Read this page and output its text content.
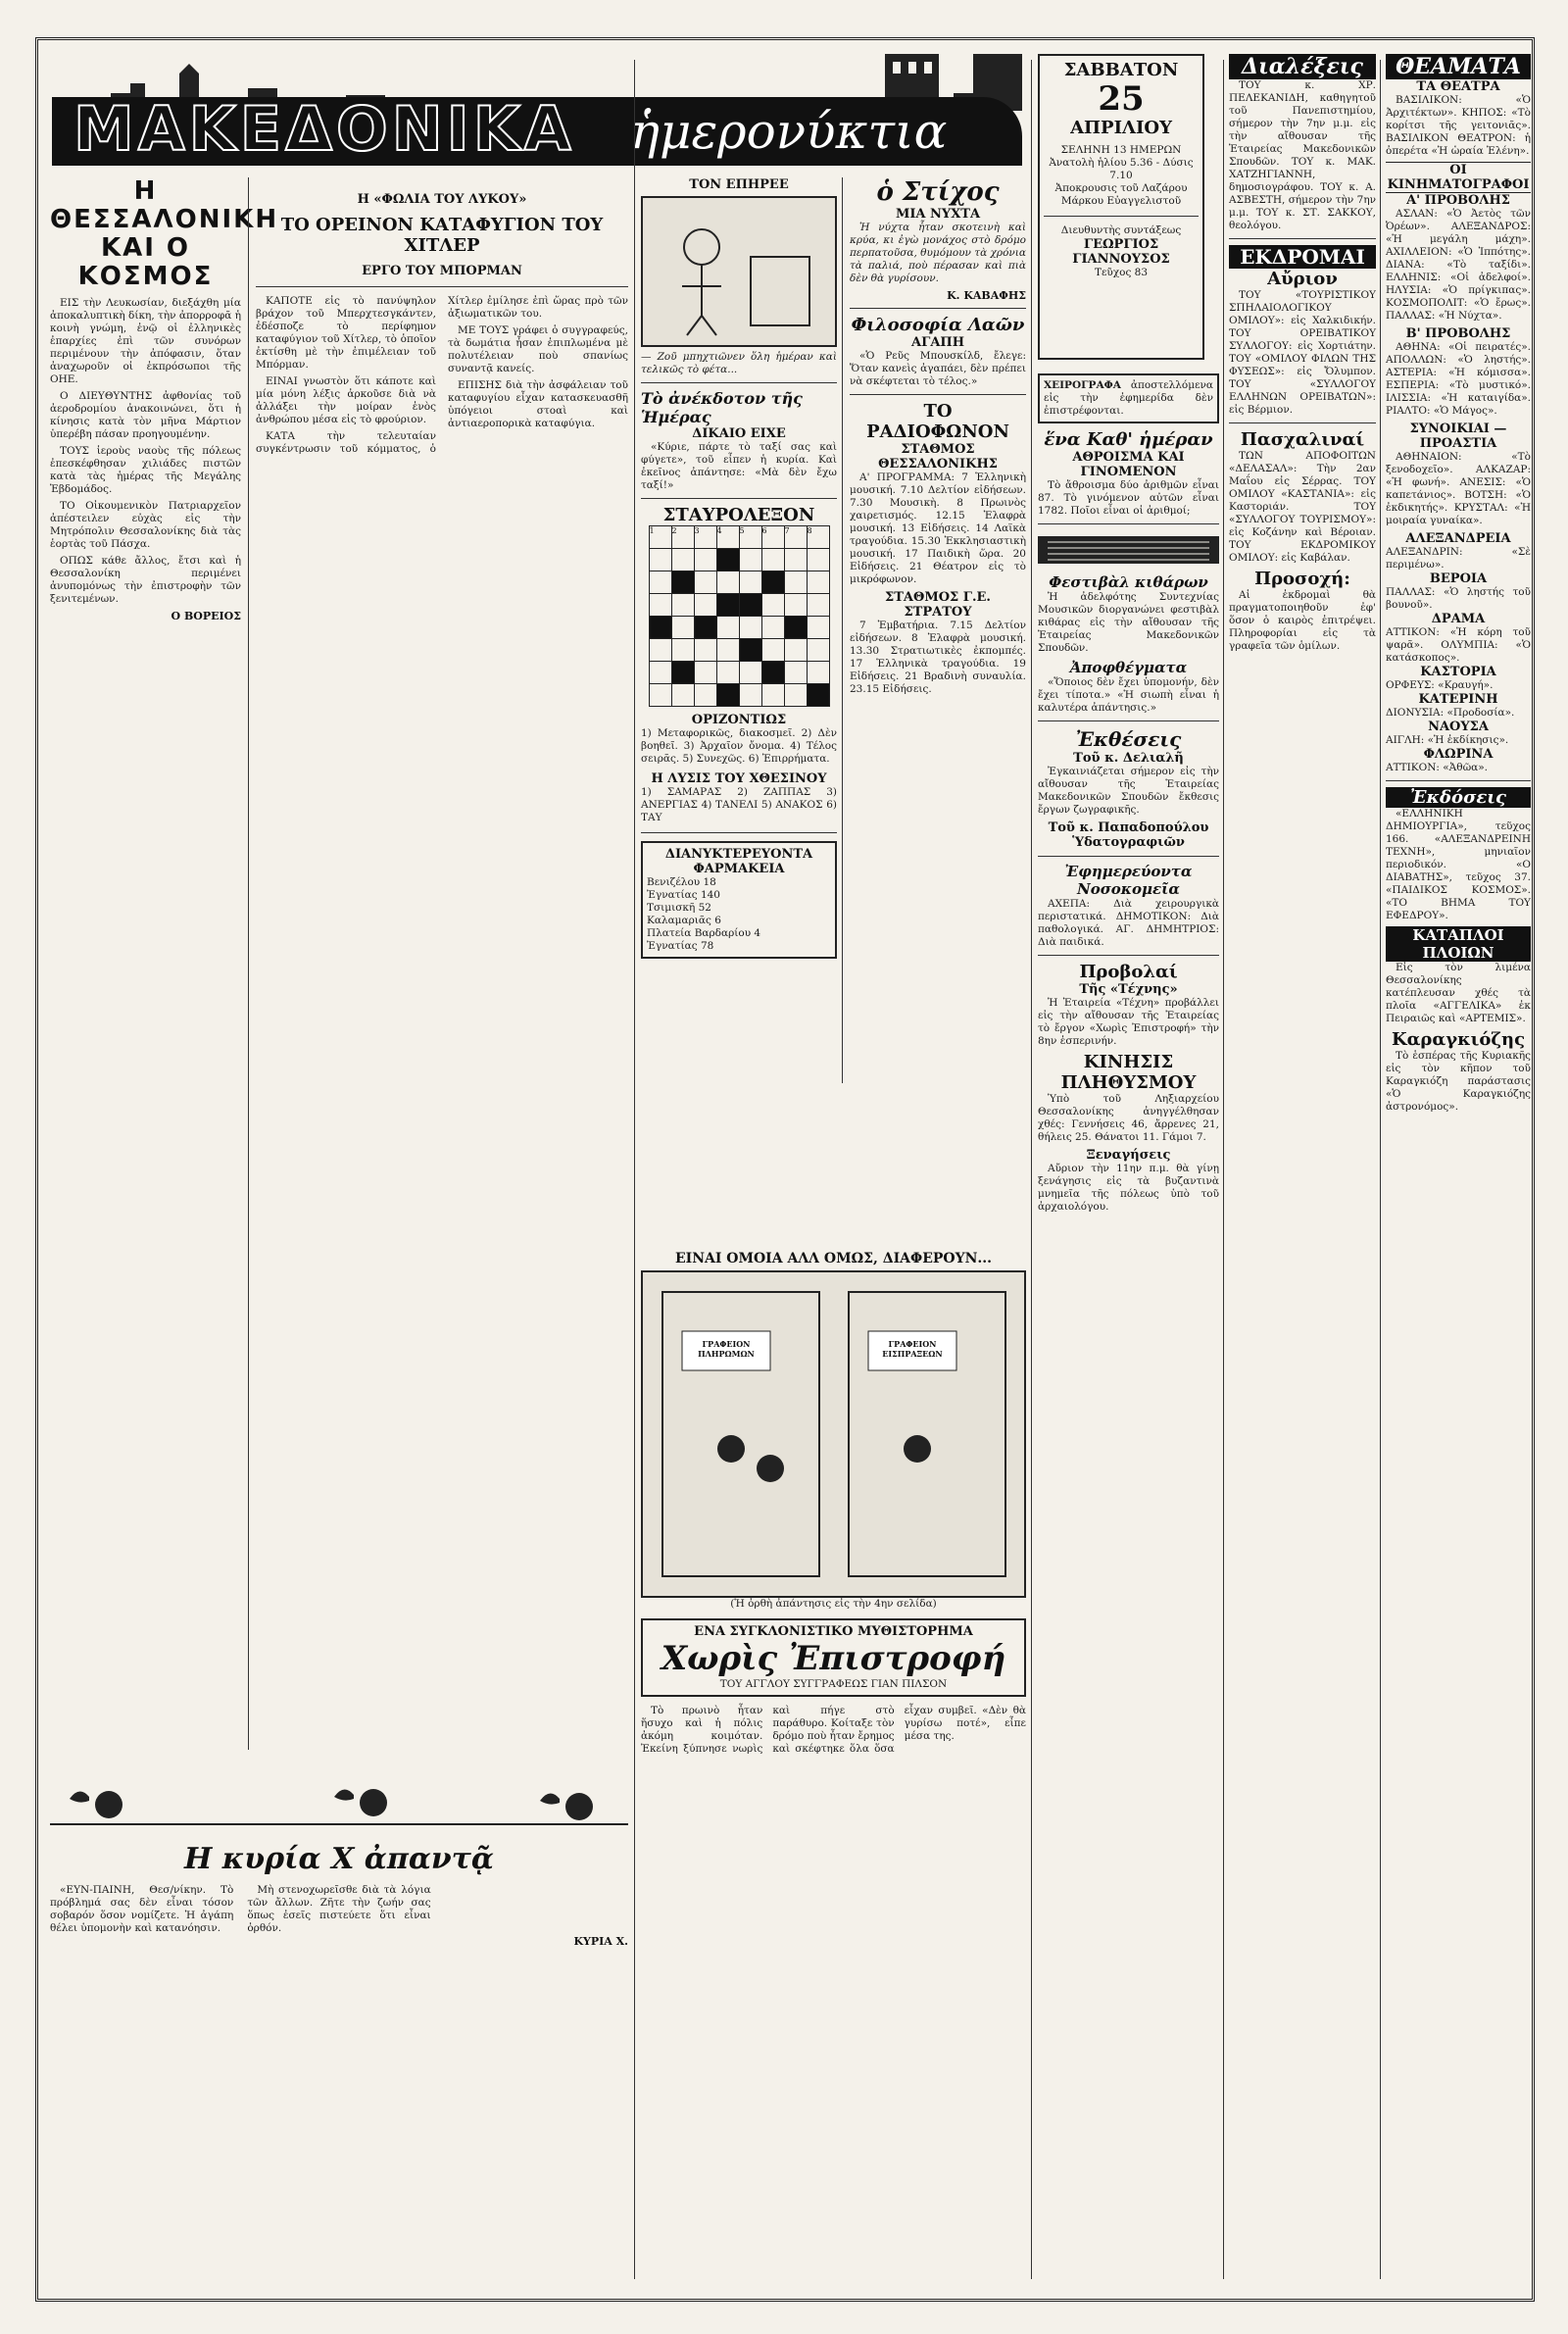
ΜΑΚΕΔΟΝΙΚΑ ἡμερονύκτια
ΣΑΒΒΑΤΟΝ
25
ΑΠΡΙΛΙΟΥ
ΣΕΛΗΝΗ 13 ΗΜΕΡΩΝ
Ἀνατολὴ ἡλίου 5.36 - Δύσις 7.10
Ἀποκρουσις τοῦ Λαζάρου
Μάρκου Εὐαγγελιστοῦ
Διευθυντὴς συντάξεως
ΓΕΩΡΓΙΟΣ ΓΙΑΝΝΟΥΣΟΣ
Τεῦχος 83
Η ΘΕΣΣΑΛΟΝΙΚΗ ΚΑΙ Ο ΚΟΣΜΟΣ

ΕΙΣ τὴν Λευκωσίαν, διεξάχθη μία ἀποκαλυπτικὴ δίκη, τὴν ἀπορροφᾶ ἡ κοινὴ γνώμη, ἐνῷ οἱ ἐλληνικὲς ἐπαρχίες ἐπὶ τῶν συνόρων περιμένουν τὴν ἀπόφασιν, ὅταν ἀναχωροῦν οἱ ἐκπρόσωποι τῆς ΟΗΕ.

Ο ΔΙΕΥΘΥΝΤΗΣ ἀφθονίας τοῦ ἀεροδρομίου ἀνακοινώνει, ὅτι ἡ κίνησις κατὰ τὸν μῆνα Μάρτιον ὑπερέβη πάσαν προηγουμένην.

ΤΟΥΣ ἱεροὺς ναοὺς τῆς πόλεως ἐπεσκέφθησαν χιλιάδες πιστῶν κατὰ τὰς ἡμέρας τῆς Μεγάλης Ἑβδομάδος.

ΤΟ Οἰκουμενικὸν Πατριαρχεῖον ἀπέστειλεν εὐχὰς εἰς τὴν Μητρόπολιν Θεσσαλονίκης διὰ τὰς ἑορτὰς τοῦ Πάσχα.

ΟΠΩΣ κάθε ἄλλος, ἔτσι καὶ ἡ Θεσσαλονίκη περιμένει ἀνυπομόνως τὴν ἐπιστροφὴν τῶν ξενιτεμένων.

Ο ΒΟΡΕΙΟΣ
Η κυρία Χ ἀπαντᾷ

«ΕΥΝ-ΠΑΙΝΗ, Θεσ/νίκην. Τὸ πρόβλημά σας δὲν εἶναι τόσον σοβαρόν ὅσον νομίζετε. Ἡ ἀγάπη θέλει ὑπομονὴν καὶ κατανόησιν.

Μὴ στενοχωρεῖσθε διὰ τὰ λόγια τῶν ἄλλων. Ζῆτε τὴν ζωήν σας ὅπως ἐσεῖς πιστεύετε ὅτι εἶναι ὀρθόν.

ΚΥΡΙΑ Χ.
Η «ΦΩΛΙΑ ΤΟΥ ΛΥΚΟΥ»
ΤΟ ΟΡΕΙΝΟΝ ΚΑΤΑΦΥΓΙΟΝ ΤΟΥ ΧΙΤΛΕΡ
ΕΡΓΟ ΤΟΥ ΜΠΟΡΜΑΝ

ΚΑΠΟΤΕ εἰς τὸ πανύψηλον βράχον τοῦ Μπερχτεσγκάντεν, ἐδέσποζε τὸ περίφημον καταφύγιον τοῦ Χίτλερ, τὸ ὁποῖον ἐκτίσθη μὲ τὴν ἐπιμέλειαν τοῦ Μπόρμαν.

ΕΙΝΑΙ γνωστὸν ὅτι κάποτε καὶ μία μόνη λέξις ἀρκοῦσε διὰ νὰ ἀλλάξει τὴν μοίραν ἑνὸς ἀνθρώπου μέσα εἰς τὸ φρούριον.

ΚΑΤΑ τὴν τελευταίαν συγκέντρωσιν τοῦ κόμματος, ὁ Χίτλερ ἐμίλησε ἐπὶ ὥρας πρὸ τῶν ἀξιωματικῶν του.

ΜΕ ΤΟΥΣ γράφει ὁ συγγραφεύς, τὰ δωμάτια ἦσαν ἐπιπλωμένα μὲ πολυτέλειαν ποὺ σπανίως συναντᾷ κανείς.

ΕΠΙΣΗΣ διὰ τὴν ἀσφάλειαν τοῦ καταφυγίου εἶχαν κατασκευασθῆ ὑπόγειοι στοαὶ καὶ ἀντιαεροπορικὰ καταφύγια.

ΤΟΝ ΕΠΗΡΕΕ
— Ζοῦ μπηχτιῶνεν ὅλη ἡμέραν καὶ τελικῶς τὸ φέτα...
Τὸ ἀνέκδοτον τῆς Ἡμέρας
ΔΙΚΑΙΟ ΕΙΧΕ

«Κύριε, πάρτε τὸ ταξί σας καὶ φύγετε», τοῦ εἶπεν ἡ κυρία. Καὶ ἐκεῖνος ἀπάντησε: «Μὰ δὲν ἔχω ταξί!»

ΣΤΑΥΡΟΛΕΞΟΝ
1	2	3	4	5	6	7	8

ΟΡΙΖΟΝΤΙΩΣ
1) Μεταφορικῶς, διακοσμεῖ. 2) Δὲν βοηθεῖ. 3) Ἀρχαῖον ὄνομα. 4) Τέλος σειρᾶς. 5) Συνεχῶς. 6) Ἐπιρρήματα.
Η ΛΥΣΙΣ ΤΟΥ ΧΘΕΣΙΝΟΥ
1) ΣΑΜΑΡΑΣ 2) ΖΑΠΠΑΣ 3) ΑΝΕΡΓΙΑΣ 4) ΤΑΝΕΛΙ 5) ΑΝΑΚΟΣ 6) ΤΑΥ
ΔΙΑΝΥΚΤΕΡΕΥΟΝΤΑ ΦΑΡΜΑΚΕΙΑ
Βενιζέλου 18
Ἐγνατίας 140
Τσιμισκῆ 52
Καλαμαριᾶς 6
Πλατεία Βαρδαρίου 4
Ἐγνατίας 78
ὁ Στίχος
ΜΙΑ ΝΥΧΤΑ

Ἡ νύχτα ἦταν σκοτεινὴ καὶ κρύα, κι ἐγὼ μονάχος στὸ δρόμο περπατοῦσα, θυμόμουν τὰ χρόνια τὰ παλιά, ποὺ πέρασαν καὶ πιὰ δὲν θὰ γυρίσουν.

Κ. ΚΑΒΑΦΗΣ
Φιλοσοφία Λαῶν
ΑΓΑΠΗ

«Ὁ Ρεῦς Μπουσκίλδ, ἔλεγε: Ὅταν κανεὶς ἀγαπάει, δὲν πρέπει νὰ σκέφτεται τὸ τέλος.»

ΤΟ ΡΑΔΙΟΦΩΝΟΝ
ΣΤΑΘΜΟΣ ΘΕΣΣΑΛΟΝΙΚΗΣ

Α' ΠΡΟΓΡΑΜΜΑ: 7 Ἑλληνικὴ μουσική. 7.10 Δελτίον εἰδήσεων. 7.30 Μουσικὴ. 8 Πρωινὸς χαιρετισμός. 12.15 Ἐλαφρὰ μουσική. 13 Εἰδήσεις. 14 Λαϊκὰ τραγούδια. 15.30 Ἐκκλησιαστικὴ μουσική. 17 Παιδικὴ ὥρα. 20 Εἰδήσεις. 21 Θέατρον εἰς τὸ μικρόφωνον.

ΣΤΑΘΜΟΣ Γ.Ε. ΣΤΡΑΤΟΥ

7 Ἐμβατήρια. 7.15 Δελτίον εἰδήσεων. 8 Ἐλαφρὰ μουσική. 13.30 Στρατιωτικὲς ἐκπομπές. 17 Ἑλληνικὰ τραγούδια. 19 Εἰδήσεις. 21 Βραδινὴ συναυλία. 23.15 Εἰδήσεις.

ΧΕΙΡΟΓΡΑΦΑ ἀποστελλόμενα εἰς τὴν ἐφημερίδα δὲν ἐπιστρέφονται.
ἕνα Καθ' ἡμέραν
ΑΘΡΟΙΣΜΑ ΚΑΙ ΓΙΝΟΜΕΝΟΝ

Τὸ ἄθροισμα δύο ἀριθμῶν εἶναι 87. Τὸ γινόμενον αὐτῶν εἶναι 1782. Ποῖοι εἶναι οἱ ἀριθμοί;

Φεστιβὰλ κιθάρων

Ἡ ἀδελφότης Συντεχνίας Μουσικῶν διοργανώνει φεστιβὰλ κιθάρας εἰς τὴν αἴθουσαν τῆς Ἑταιρείας Μακεδονικῶν Σπουδῶν.

Ἀποφθέγματα

«Ὅποιος δὲν ἔχει ὑπομονήν, δὲν ἔχει τίποτα.» «Ἡ σιωπὴ εἶναι ἡ καλυτέρα ἀπάντησις.»

Ἐκθέσεις
Τοῦ κ. Δελιαλῆ

Ἐγκαινιάζεται σήμερον εἰς τὴν αἴθουσαν τῆς Ἑταιρείας Μακεδονικῶν Σπουδῶν ἔκθεσις ἔργων ζωγραφικῆς.

Τοῦ κ. Παπαδοπούλου
Ὑδατογραφιῶν
Ἐφημερεύοντα Νοσοκομεῖα

ΑΧΕΠΑ: Διὰ χειρουργικὰ περιστατικά. ΔΗΜΟΤΙΚΟΝ: Διὰ παθολογικά. ΑΓ. ΔΗΜΗΤΡΙΟΣ: Διὰ παιδικά.

Προβολαί
Τῆς «Τέχνης»

Ἡ Ἑταιρεία «Τέχνη» προβάλλει εἰς τὴν αἴθουσαν τῆς Ἐταιρείας τὸ ἔργον «Χωρὶς Ἐπιστροφή» τὴν 8ην ἑσπερινήν.

ΚΙΝΗΣΙΣ ΠΛΗΘΥΣΜΟΥ

Ὑπὸ τοῦ Ληξιαρχείου Θεσσαλονίκης ἀνηγγέλθησαν χθές: Γεννήσεις 46, ἄρρενες 21, θήλεις 25. Θάνατοι 11. Γάμοι 7.

Ξεναγήσεις

Αὔριον τὴν 11ην π.μ. θὰ γίνῃ ξενάγησις εἰς τὰ βυζαντινὰ μνημεῖα τῆς πόλεως ὑπὸ τοῦ ἀρχαιολόγου.

ΕΙΝΑΙ ΟΜΟΙΑ ΑΛΛ ΟΜΩΣ, ΔΙΑΦΕΡΟΥΝ...
ΓΡΑΦΕΙΟΝ ΠΛΗΡΩΜΩΝ
ΓΡΑΦΕΙΟΝ ΕΙΣΠΡΑΞΕΩΝ
(Ἡ ὀρθὴ ἀπάντησις εἰς τὴν 4ην σελίδα)
ΕΝΑ ΣΥΓΚΛΟΝΙΣΤΙΚΟ ΜΥΘΙΣΤΟΡΗΜΑ
Χωρὶς Ἐπιστροφή
ΤΟΥ ΑΓΓΛΟΥ ΣΥΓΓΡΑΦΕΩΣ ΓΙΑΝ ΠΙΛΣΟΝ

Τὸ πρωινὸ ἦταν ἥσυχο καὶ ἡ πόλις ἀκόμη κοιμόταν. Ἐκείνη ξύπνησε νωρὶς καὶ πήγε στὸ παράθυρο. Κοίταξε τὸν δρόμο ποὺ ἦταν ἔρημος καὶ σκέφτηκε ὅλα ὅσα εἶχαν συμβεῖ. «Δὲν θὰ γυρίσω ποτέ», εἶπε μέσα της.

Διαλέξεις

ΤΟΥ κ. ΧΡ. ΠΕΛΕΚΑΝΙΔΗ, καθηγητοῦ τοῦ Πανεπιστημίου, σήμερον τὴν 7ην μ.μ. εἰς τὴν αἴθουσαν τῆς Ἑταιρείας Μακεδονικῶν Σπουδῶν. ΤΟΥ κ. ΜΑΚ. ΧΑΤΖΗΓΙΑΝΝΗ, δημοσιογράφου. ΤΟΥ κ. Α. ΑΣΒΕΣΤΗ, σήμερον τὴν 7ην μ.μ. ΤΟΥ κ. ΣΤ. ΣΑΚΚΟΥ, θεολόγου.

ΕΚΔΡΟΜΑΙ
Αὔριον

ΤΟΥ «ΤΟΥΡΙΣΤΙΚΟΥ ΣΠΗΛΑΙΟΛΟΓΙΚΟΥ ΟΜΙΛΟΥ»: εἰς Χαλκιδικήν. ΤΟΥ ΟΡΕΙΒΑΤΙΚΟΥ ΣΥΛΛΟΓΟΥ: εἰς Χορτιάτην. ΤΟΥ «ΟΜΙΛΟΥ ΦΙΛΩΝ ΤΗΣ ΦΥΣΕΩΣ»: εἰς Ὄλυμπον. ΤΟΥ «ΣΥΛΛΟΓΟΥ ΕΛΛΗΝΩΝ ΟΡΕΙΒΑΤΩΝ»: εἰς Βέρμιον.

Πασχαλιναί

ΤΩΝ ΑΠΟΦΟΙΤΩΝ «ΔΕΛΑΣΑΛ»: Τὴν 2αν Μαΐου εἰς Σέρρας. ΤΟΥ ΟΜΙΛΟΥ «ΚΑΣΤΑΝΙΑ»: εἰς Καστοριάν. ΤΟΥ «ΣΥΛΛΟΓΟΥ ΤΟΥΡΙΣΜΟΥ»: εἰς Κοζάνην καὶ Βέροιαν. ΤΟΥ ΕΚΔΡΟΜΙΚΟΥ ΟΜΙΛΟΥ: εἰς Καβάλαν.

Προσοχή:

Αἱ ἐκδρομαὶ θὰ πραγματοποιηθοῦν ἐφ' ὅσον ὁ καιρὸς ἐπιτρέψει. Πληροφορίαι εἰς τὰ γραφεῖα τῶν ὁμίλων.

ΘΕΑΜΑΤΑ
ΤΑ ΘΕΑΤΡΑ

ΒΑΣΙΛΙΚΟΝ: «Ὁ Ἀρχιτέκτων». ΚΗΠΟΣ: «Τὸ κορίτσι τῆς γειτονιᾶς». ΒΑΣΙΛΙΚΟΝ ΘΕΑΤΡΟΝ: ἡ ὀπερέτα «Ἡ ὡραία Ἑλένη».

ΟΙ ΚΙΝΗΜΑΤΟΓΡΑΦΟΙ
Α' ΠΡΟΒΟΛΗΣ

ΑΣΛΑΝ: «Ὁ Ἀετὸς τῶν Ὀρέων». ΑΛΕΞΑΝΔΡΟΣ: «Ἡ μεγάλη μάχη». ΑΧΙΛΛΕΙΟΝ: «Ὁ Ἰππότης». ΔΙΑΝΑ: «Τὸ ταξίδι». ΕΛΛΗΝΙΣ: «Οἱ ἀδελφοί». ΗΛΥΣΙΑ: «Ὁ πρίγκιπας». ΚΟΣΜΟΠΟΛΙΤ: «Ὁ ἔρως». ΠΑΛΛΑΣ: «Ἡ Νύχτα».

Β' ΠΡΟΒΟΛΗΣ

ΑΘΗΝΑ: «Οἱ πειρατές». ΑΠΟΛΛΩΝ: «Ὁ ληστής». ΑΣΤΕΡΙΑ: «Ἡ κόμισσα». ΕΣΠΕΡΙΑ: «Τὸ μυστικό». ΙΛΙΣΣΙΑ: «Ἡ καταιγίδα». ΡΙΑΛΤΟ: «Ὁ Μάγος».

ΣΥΝΟΙΚΙΑΙ — ΠΡΟΑΣΤΙΑ

ΑΘΗΝΑΙΟΝ: «Τὸ ξενοδοχεῖο». ΑΛΚΑΖΑΡ: «Ἡ φωνή». ΑΝΕΣΙΣ: «Ὁ καπετάνιος». ΒΟΤΣΗ: «Ὁ ἐκδικητής». ΚΡΥΣΤΑΛ: «Ἡ μοιραία γυναίκα».

ΑΛΕΞΑΝΔΡΕΙΑ
ΑΛΕΞΑΝΔΡΙΝ: «Σὲ περιμένω».
ΒΕΡΟΙΑ
ΠΑΛΛΑΣ: «Ὁ ληστής τοῦ βουνοῦ».
ΔΡΑΜΑ
ΑΤΤΙΚΟΝ: «Ἡ κόρη τοῦ ψαρᾶ». ΟΛΥΜΠΙΑ: «Ὁ κατάσκοπος».
ΚΑΣΤΟΡΙΑ
ΟΡΦΕΥΣ: «Κραυγή».
ΚΑΤΕΡΙΝΗ
ΔΙΟΝΥΣΙΑ: «Προδοσία».
ΝΑΟΥΣΑ
ΑΙΓΛΗ: «Ἡ ἐκδίκησις».
ΦΛΩΡΙΝΑ
ΑΤΤΙΚΟΝ: «Ἀθῶα».
Ἐκδόσεις

«ΕΛΛΗΝΙΚΗ ΔΗΜΙΟΥΡΓΙΑ», τεῦχος 166. «ΑΛΕΞΑΝΔΡΕΙΝΗ ΤΕΧΝΗ», μηνιαῖον περιοδικόν. «Ο ΔΙΑΒΑΤΗΣ», τεῦχος 37. «ΠΑΙΔΙΚΟΣ ΚΟΣΜΟΣ». «ΤΟ ΒΗΜΑ ΤΟΥ ΕΦΕΔΡΟΥ».

ΚΑΤΑΠΛΟΙ ΠΛΟΙΩΝ

Εἰς τὸν λιμένα Θεσσαλονίκης κατέπλευσαν χθές τὰ πλοῖα «ΑΓΓΕΛΙΚΑ» ἐκ Πειραιῶς καὶ «ΑΡΤΕΜΙΣ».

Καραγκιόζης

Τὸ ἑσπέρας τῆς Κυριακῆς εἰς τὸν κῆπον τοῦ Καραγκιόζη παράστασις «Ὁ Καραγκιόζης ἀστρονόμος».
